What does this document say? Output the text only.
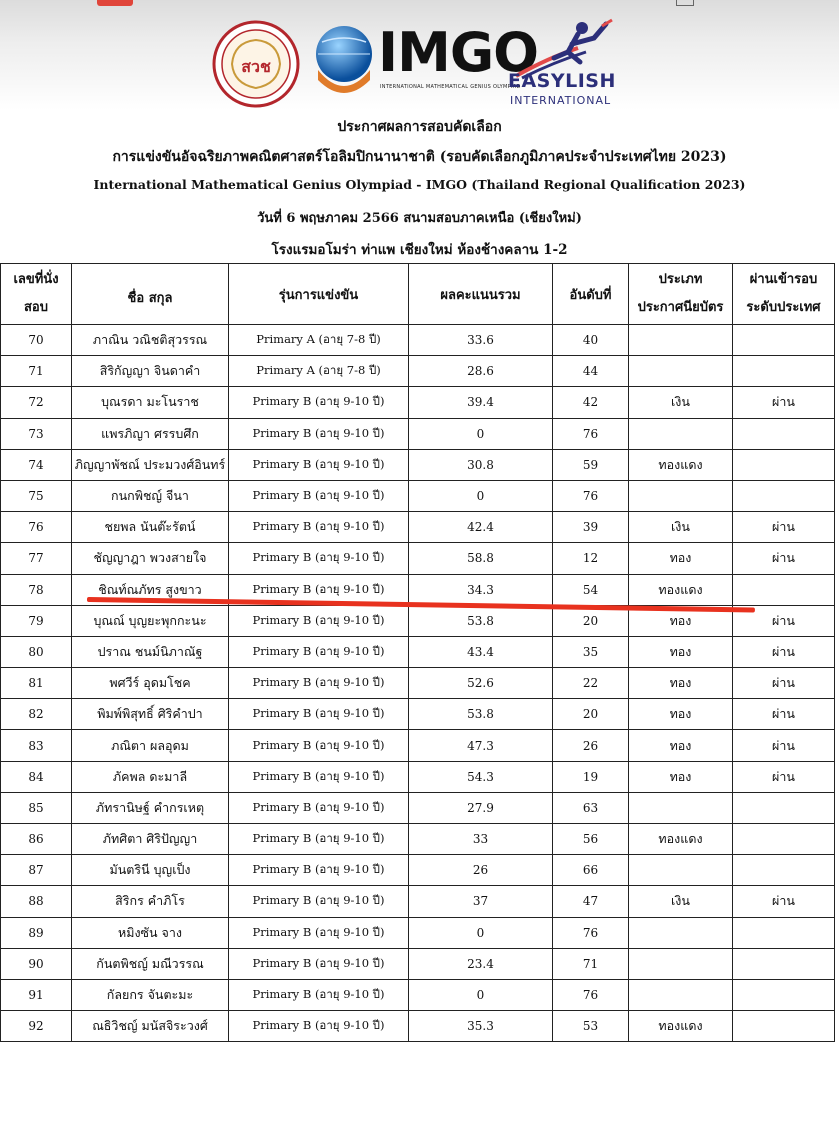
สวช IMGO
INTERNATIONAL MATHEMATICAL GENIUS OLYMPIAD
EASYLISH
INTERNATIONAL
ประกาศผลการสอบคัดเลือก
การแข่งขันอัจฉริยภาพคณิตศาสตร์โอลิมปิกนานาชาติ (รอบคัดเลือกภูมิภาคประจำประเทศไทย 2023)
International Mathematical Genius Olympiad - IMGO (Thailand Regional Qualification 2023)
วันที่ 6 พฤษภาคม 2566 สนามสอบภาคเหนือ (เชียงใหม่)
โรงแรมอโมร่า ท่าแพ เชียงใหม่ ห้องช้างคลาน 1-2
เลขที่นั่ง
สอบ	ชื่อ สกุล	รุ่นการแข่งขัน	ผลคะแนนรวม	อันดับที่	ประเภท
ประกาศนียบัตร	ผ่านเข้ารอบ
ระดับประเทศ

70	ภาณิน วณิชติสุวรรณ	Primary A (อายุ 7-8 ปี)	33.6	40		
71	สิริกัญญา จินดาคำ	Primary A (อายุ 7-8 ปี)	28.6	44		
72	บุณรดา มะโนราช	Primary B (อายุ 9-10 ปี)	39.4	42	เงิน	ผ่าน
73	แพรภิญา ศรรบศึก	Primary B (อายุ 9-10 ปี)	0	76		
74	ภิญญาพัชณ์ ประมวงศ์อินทร์	Primary B (อายุ 9-10 ปี)	30.8	59	ทองแดง	
75	กนกพิชญ์ จีนา	Primary B (อายุ 9-10 ปี)	0	76		
76	ชยพล นันต๊ะรัตน์	Primary B (อายุ 9-10 ปี)	42.4	39	เงิน	ผ่าน
77	ชัญญาฎา พวงสายใจ	Primary B (อายุ 9-10 ปี)	58.8	12	ทอง	ผ่าน
78	ชิณท์ณภัทร สูงขาว	Primary B (อายุ 9-10 ปี)	34.3	54	ทองแดง	
79	บุณณ์ บุญยะพุกกะนะ	Primary B (อายุ 9-10 ปี)	53.8	20	ทอง	ผ่าน
80	ปราณ ชนม์นิภาณัฐ	Primary B (อายุ 9-10 ปี)	43.4	35	ทอง	ผ่าน
81	พศวีร์ อุดมโชค	Primary B (อายุ 9-10 ปี)	52.6	22	ทอง	ผ่าน
82	พิมพ์พิสุทธิ์ ศิริคำปา	Primary B (อายุ 9-10 ปี)	53.8	20	ทอง	ผ่าน
83	ภณิตา ผลอุดม	Primary B (อายุ 9-10 ปี)	47.3	26	ทอง	ผ่าน
84	ภัคพล ดะมาลี	Primary B (อายุ 9-10 ปี)	54.3	19	ทอง	ผ่าน
85	ภัทรานิษฐ์ คำกรเหตุ	Primary B (อายุ 9-10 ปี)	27.9	63		
86	ภัทศิตา ศิริปัญญา	Primary B (อายุ 9-10 ปี)	33	56	ทองแดง	
87	มันตรินี บุญเป็ง	Primary B (อายุ 9-10 ปี)	26	66		
88	สิริกร คำภิโร	Primary B (อายุ 9-10 ปี)	37	47	เงิน	ผ่าน
89	หมิงซัน จาง	Primary B (อายุ 9-10 ปี)	0	76		
90	กันตพิชญ์ มณีวรรณ	Primary B (อายุ 9-10 ปี)	23.4	71		
91	กัลยกร จันตะมะ	Primary B (อายุ 9-10 ปี)	0	76		
92	ณธิวิชญ์ มนัสจิระวงศ์	Primary B (อายุ 9-10 ปี)	35.3	53	ทองแดง	
